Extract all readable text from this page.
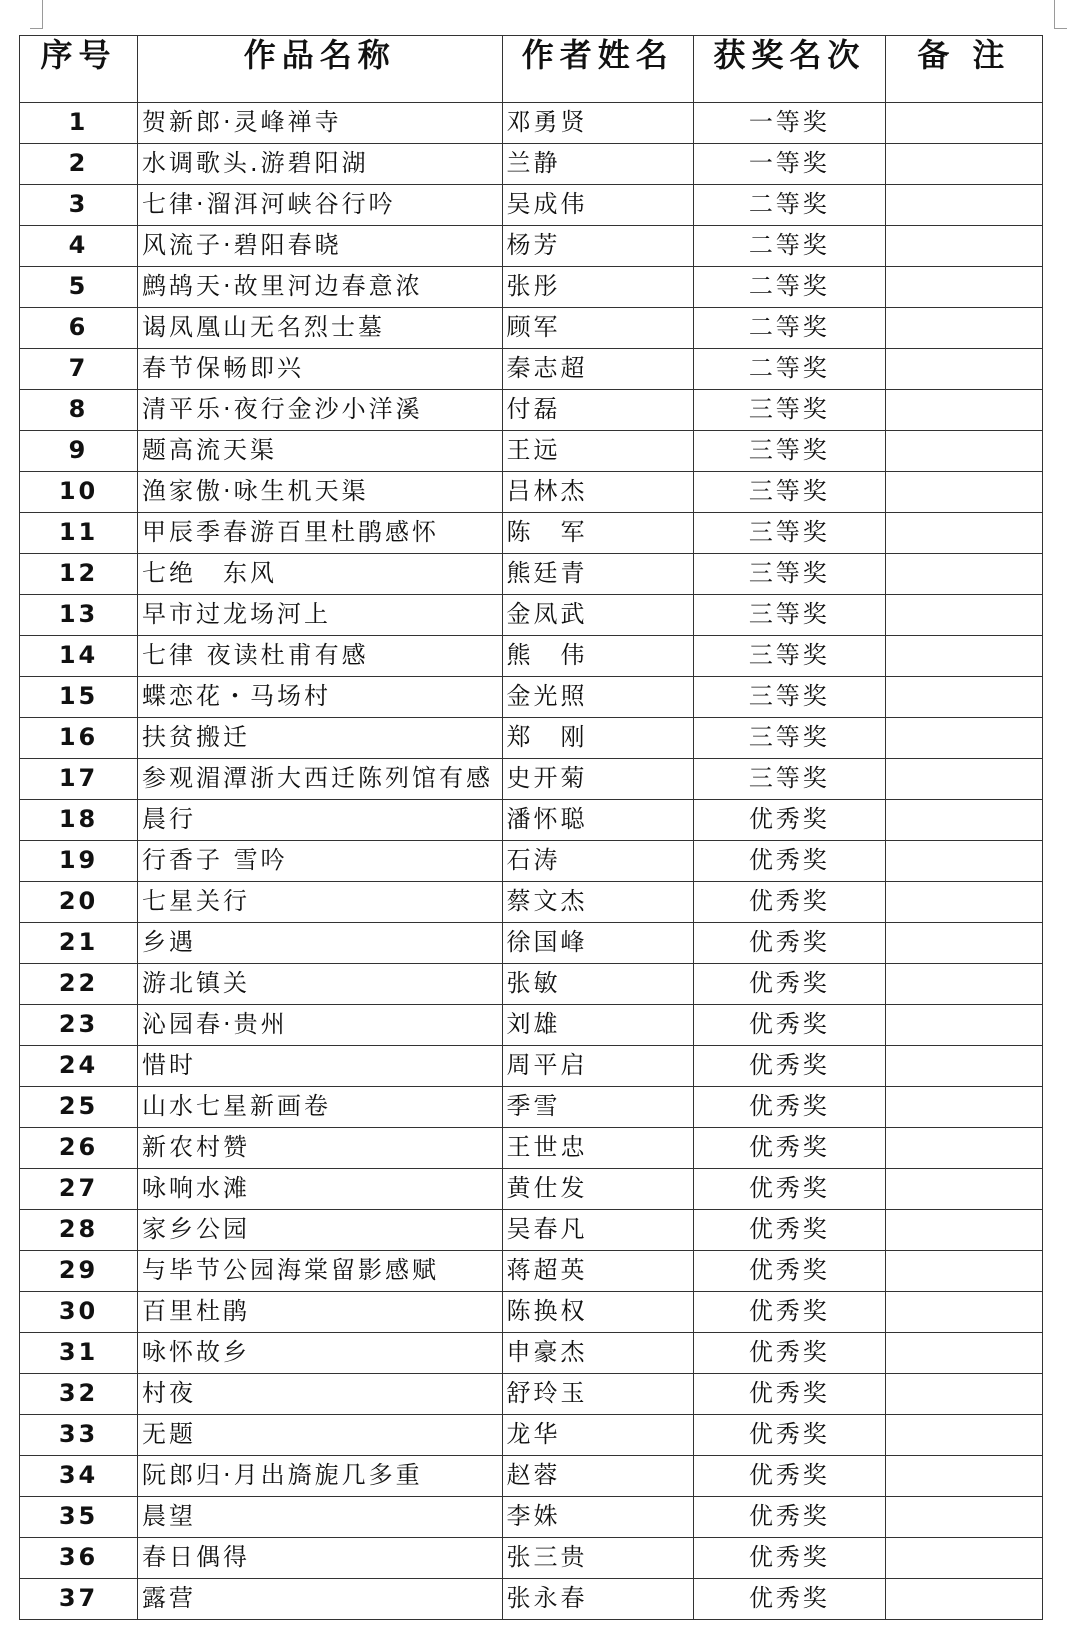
序号	作品名称	作者姓名	获奖名次	备 注
1	贺新郎·灵峰禅寺	邓勇贤	一等奖	
2	水调歌头.游碧阳湖	兰静	一等奖	
3	七律·溜洱河峡谷行吟	吴成伟	二等奖	
4	风流子·碧阳春晓	杨芳	二等奖	
5	鹧鸪天·故里河边春意浓	张彤	二等奖	
6	谒凤凰山无名烈士墓	顾军	二等奖	
7	春节保畅即兴	秦志超	二等奖	
8	清平乐·夜行金沙小洋溪	付磊	三等奖	
9	题高流天渠	王远	三等奖	
10	渔家傲·咏生机天渠	吕林杰	三等奖	
11	甲辰季春游百里杜鹃感怀	陈　军	三等奖	
12	七绝　东风	熊廷青	三等奖	
13	早市过龙场河上	金凤武	三等奖	
14	七律 夜读杜甫有感	熊　伟	三等奖	
15	蝶恋花・马场村	金光照	三等奖	
16	扶贫搬迁	郑　刚	三等奖	
17	参观湄潭浙大西迁陈列馆有感	史开菊	三等奖	
18	晨行	潘怀聪	优秀奖	
19	行香子 雪吟	石涛	优秀奖	
20	七星关行	蔡文杰	优秀奖	
21	乡遇	徐国峰	优秀奖	
22	游北镇关	张敏	优秀奖	
23	沁园春·贵州	刘雄	优秀奖	
24	惜时	周平启	优秀奖	
25	山水七星新画卷	季雪	优秀奖	
26	新农村赞	王世忠	优秀奖	
27	咏响水滩	黄仕发	优秀奖	
28	家乡公园	吴春凡	优秀奖	
29	与毕节公园海棠留影感赋	蒋超英	优秀奖	
30	百里杜鹃	陈换权	优秀奖	
31	咏怀故乡	申豪杰	优秀奖	
32	村夜	舒玲玉	优秀奖	
33	无题	龙华	优秀奖	
34	阮郎归·月出旖旎几多重	赵蓉	优秀奖	
35	晨望	李姝	优秀奖	
36	春日偶得	张三贵	优秀奖	
37	露营	张永春	优秀奖	
